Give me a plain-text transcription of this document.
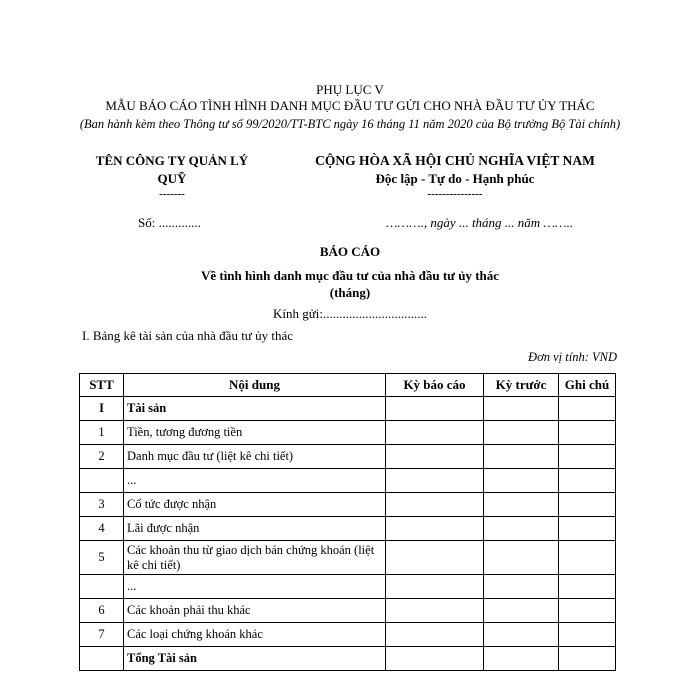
PHỤ LỤC V
MẪU BÁO CÁO TÌNH HÌNH DANH MỤC ĐẦU TƯ GỬI CHO NHÀ ĐẦU TƯ ỦY THÁC
(Ban hành kèm theo Thông tư số 99/2020/TT-BTC ngày 16 tháng 11 năm 2020 của Bộ trưởng Bộ Tài chính)
TÊN CÔNG TY QUẢN LÝ
QUỸ
-------
CỘNG HÒA XÃ HỘI CHỦ NGHĨA VIỆT NAM
Độc lập - Tự do - Hạnh phúc
---------------
Số: .............	………., ngày ... tháng ... năm ……..
BÁO CÁO
Về tình hình danh mục đầu tư của nhà đầu tư ủy thác
(tháng)
Kính gửi:................................
I. Bảng kê tài sản của nhà đầu tư ủy thác
Đơn vị tính: VND
STT	Nội dung	Kỳ báo cáo	Kỳ trước	Ghi chú
I	Tài sản			
1	Tiền, tương đương tiền			
2	Danh mục đầu tư (liệt kê chi tiết)			
	...			
3	Cổ tức được nhận			
4	Lãi được nhận			
5	Các khoản thu từ giao dịch bán chứng khoán (liệt kê chi tiết)			
	...			
6	Các khoản phải thu khác			
7	Các loại chứng khoán khác			
	Tổng Tài sản			
